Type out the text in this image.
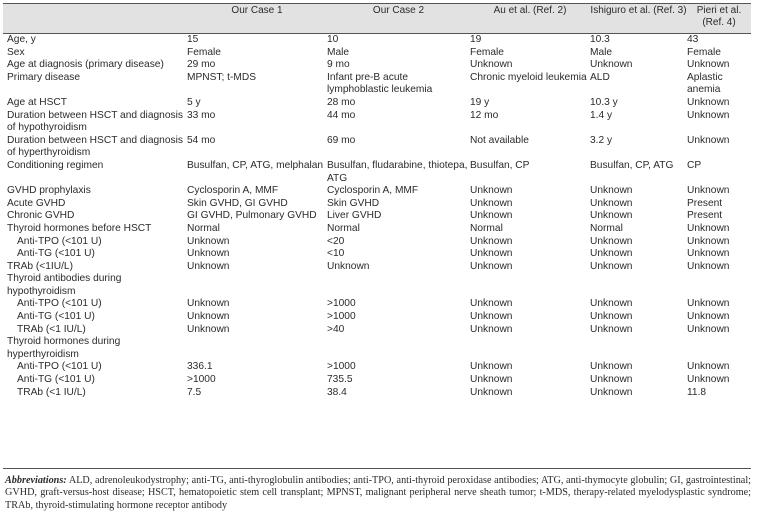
	Our Case 1	Our Case 2	Au et al. (Ref. 2)	Ishiguro et al. (Ref. 3)	Pieri et al. (Ref. 4)
Age, y	15	10	19	10.3	43
Sex	Female	Male	Female	Male	Female
Age at diagnosis (primary disease)	29 mo	9 mo	Unknown	Unknown	Unknown
Primary disease	MPNST; t-MDS	Infant pre-B acute lymphoblastic leukemia	Chronic myeloid leukemia	ALD	Aplastic anemia
Age at HSCT	5 y	28 mo	19 y	10.3 y	Unknown
Duration between HSCT and diagnosis of hypothyroidism	33 mo	44 mo	12 mo	1.4 y	Unknown
Duration between HSCT and diagnosis of hyperthyroidism	54 mo	69 mo	Not available	3.2 y	Unknown
Conditioning regimen	Busulfan, CP, ATG, melphalan	Busulfan, fludarabine, thiotepa, ATG	Busulfan, CP	Busulfan, CP, ATG	CP
GVHD prophylaxis	Cyclosporin A, MMF	Cyclosporin A, MMF	Unknown	Unknown	Unknown
Acute GVHD	Skin GVHD, GI GVHD	Skin GVHD	Unknown	Unknown	Present
Chronic GVHD	GI GVHD, Pulmonary GVHD	Liver GVHD	Unknown	Unknown	Present
Thyroid hormones before HSCT	Normal	Normal	Normal	Normal	Unknown
Anti-TPO (<101 U)	Unknown	<20	Unknown	Unknown	Unknown
Anti-TG (<101 U)	Unknown	<10	Unknown	Unknown	Unknown
TRAb (<1IU/L)	Unknown	Unknown	Unknown	Unknown	Unknown
Thyroid antibodies during hypothyroidism					
Anti-TPO (<101 U)	Unknown	>1000	Unknown	Unknown	Unknown
Anti-TG (<101 U)	Unknown	>1000	Unknown	Unknown	Unknown
TRAb (<1 IU/L)	Unknown	>40	Unknown	Unknown	Unknown
Thyroid hormones during hyperthyroidism					
Anti-TPO (<101 U)	336.1	>1000	Unknown	Unknown	Unknown
Anti-TG (<101 U)	>1000	735.5	Unknown	Unknown	Unknown
TRAb (<1 IU/L)	7.5	38.4	Unknown	Unknown	11.8
Abbreviations: ALD, adrenoleukodystrophy; anti-TG, anti-thyroglobulin antibodies; anti-TPO, anti-thyroid peroxidase antibodies; ATG, anti-thymocyte globulin; GI, gastrointestinal; GVHD, graft-versus-host disease; HSCT, hematopoietic stem cell transplant; MPNST, malignant peripheral nerve sheath tumor; t-MDS, therapy-related myelodysplastic syndrome; TRAb, thyroid-stimulating hormone receptor antibody
